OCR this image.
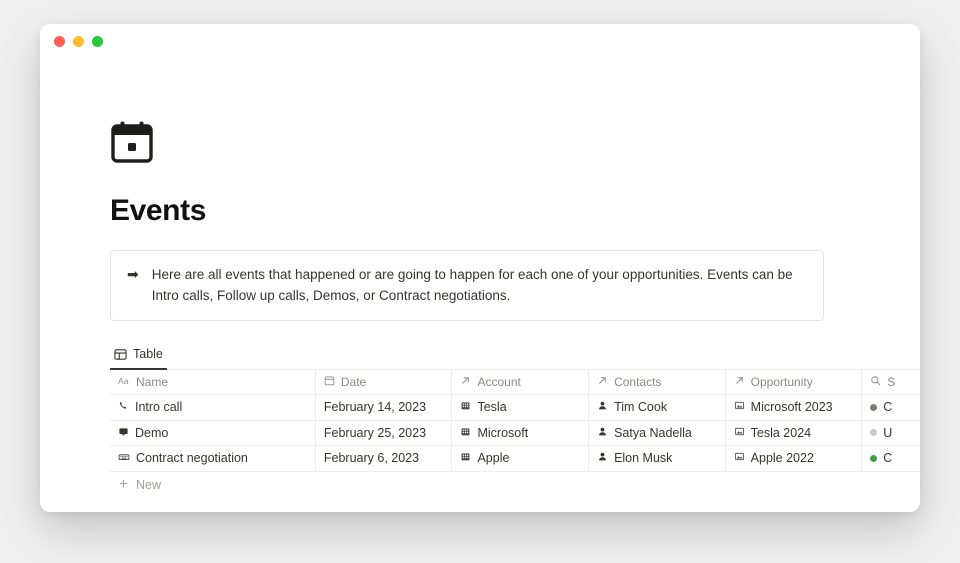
Events
➡ Here are all events that happened or are going to happen for each one of your opportunities. Events can be Intro calls, Follow up calls, Demos, or Contract negotiations.
Table
Aa Name	Date	Account	Contacts	Opportunity	S
Intro call	February 14, 2023	Tesla	Tim Cook	Microsoft 2023	C
Demo	February 25, 2023	Microsoft	Satya Nadella	Tesla 2024	U
Contract negotiation	February 6, 2023	Apple	Elon Musk	Apple 2022	C
New
